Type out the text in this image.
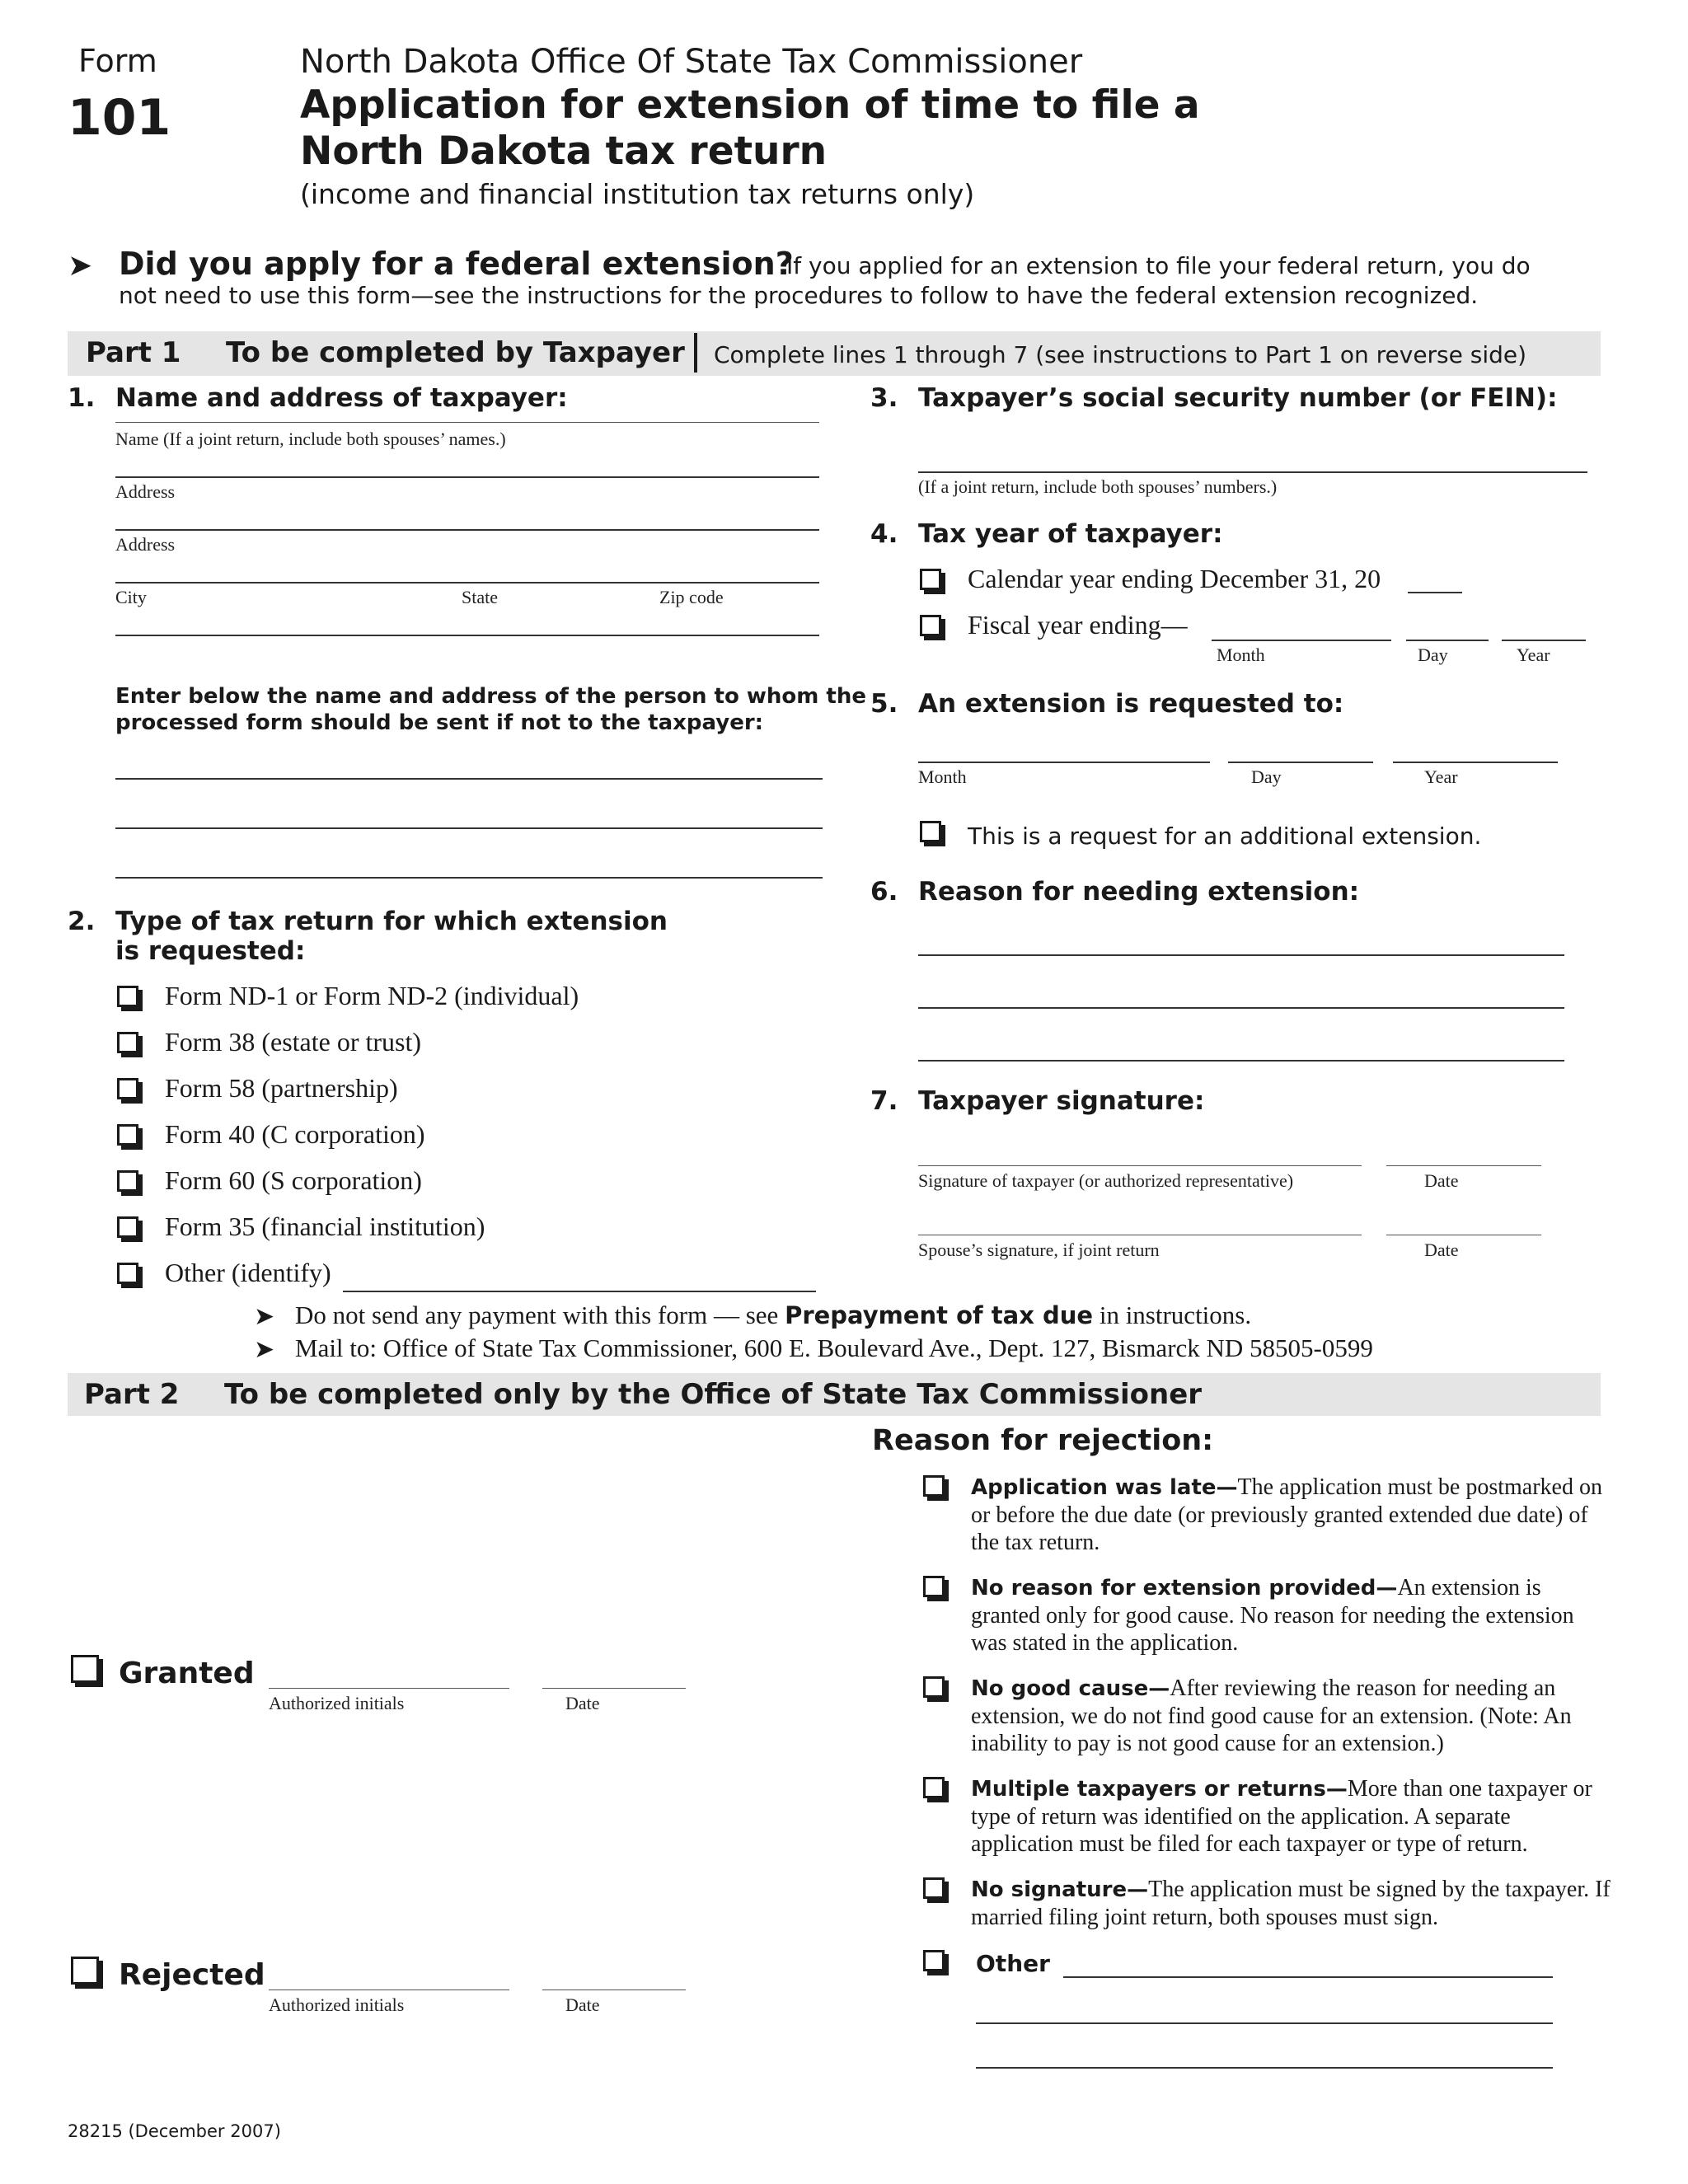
Form
101
North Dakota Office Of State Tax Commissioner
Application for extension of time to file a
North Dakota tax return
(income and financial institution tax returns only)
➤ Did you apply for a federal extension?
If you applied for an extension to file your federal return, you do
not need to use this form—see the instructions for the procedures to follow to have the federal extension recognized.
Part 1 To be completed by Taxpayer Complete lines 1 through 7 (see instructions to Part 1 on reverse side)
1. Name and address of taxpayer:
Name (If a joint return, include both spouses’ names.)
Address
Address
City	State	Zip code
Enter below the name and address of the person to whom the
processed form should be sent if not to the taxpayer:
2. Type of tax return for which extension
is requested:
Form ND-1 or Form ND-2 (individual)
Form 38 (estate or trust)
Form 58 (partnership)
Form 40 (C corporation)
Form 60 (S corporation)
Form 35 (financial institution)
Other (identify)
3. Taxpayer’s social security number (or FEIN):
(If a joint return, include both spouses’ numbers.)
4. Tax year of taxpayer:
Calendar year ending December 31, 20
Fiscal year ending—
Month	Day	Year
5. An extension is requested to:
Month	Day	Year
This is a request for an additional extension.
6. Reason for needing extension:
7. Taxpayer signature:
Signature of taxpayer (or authorized representative)	Date
Spouse’s signature, if joint return	Date
➤ Do not send any payment with this form — see Prepayment of tax due in instructions.
➤ Mail to: Office of State Tax Commissioner, 600 E. Boulevard Ave., Dept. 127, Bismarck ND 58505-0599
Part 2 To be completed only by the Office of State Tax Commissioner
Granted
Authorized initials	Date
Rejected
Authorized initials	Date
Reason for rejection:
Application was late—The application must be postmarked on or before the due date (or previously granted extended due date) of the tax return.
No reason for extension provided—An extension is granted only for good cause. No reason for needing the extension was stated in the application.
No good cause—After reviewing the reason for needing an extension, we do not find good cause for an extension. (Note: An inability to pay is not good cause for an extension.)
Multiple taxpayers or returns—More than one taxpayer or type of return was identified on the application. A separate application must be filed for each taxpayer or type of return.
No signature—The application must be signed by the taxpayer. If married filing joint return, both spouses must sign.
Other
28215 (December 2007)
